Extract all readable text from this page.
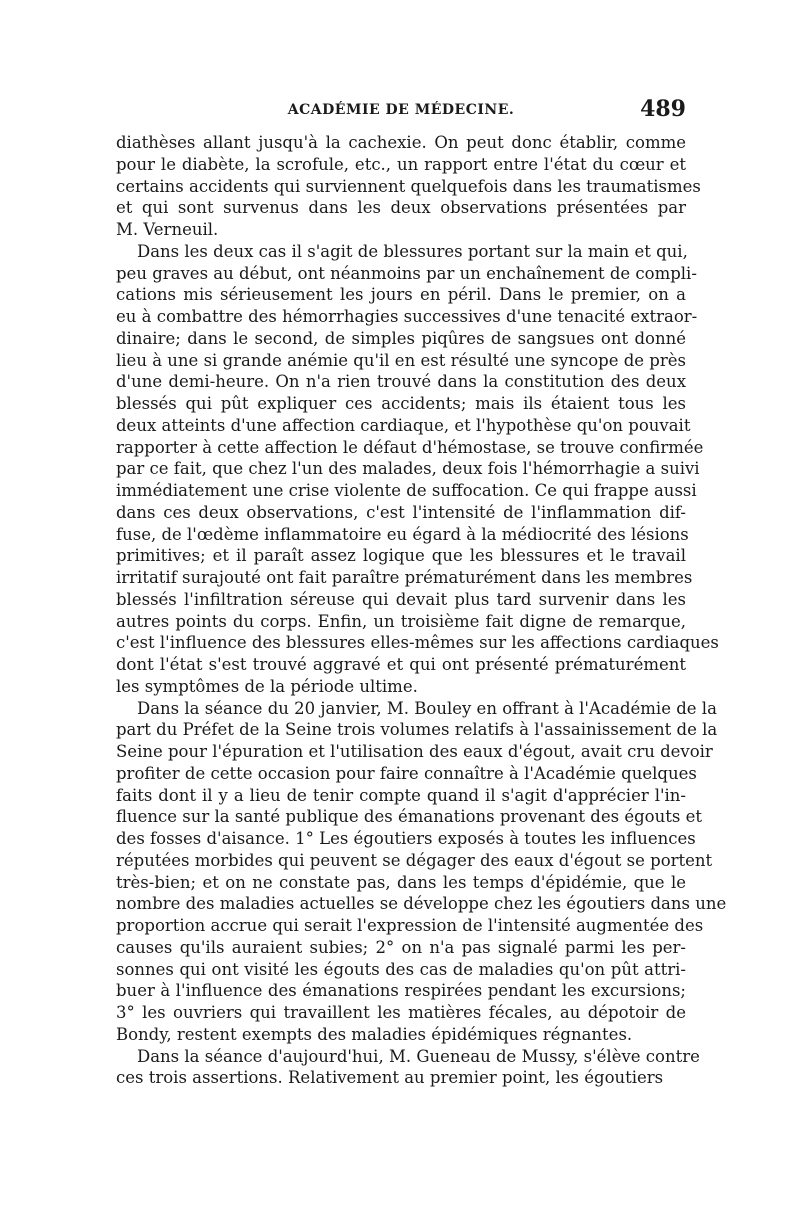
ACADÉMIE DE MÉDECINE.	489

diathèses allant jusqu'à la cachexie. On peut donc établir, comme
pour le diabète, la scrofule, etc., un rapport entre l'état du cœur et
certains accidents qui surviennent quelquefois dans les traumatismes
et qui sont survenus dans les deux observations présentées par
M. Verneuil.

Dans les deux cas il s'agit de blessures portant sur la main et qui,
peu graves au début, ont néanmoins par un enchaînement de compli-
cations mis sérieusement les jours en péril. Dans le premier, on a
eu à combattre des hémorrhagies successives d'une tenacité extraor-
dinaire; dans le second, de simples piqûres de sangsues ont donné
lieu à une si grande anémie qu'il en est résulté une syncope de près
d'une demi-heure. On n'a rien trouvé dans la constitution des deux
blessés qui pût expliquer ces accidents; mais ils étaient tous les
deux atteints d'une affection cardiaque, et l'hypothèse qu'on pouvait
rapporter à cette affection le défaut d'hémostase, se trouve confirmée
par ce fait, que chez l'un des malades, deux fois l'hémorrhagie a suivi
immédiatement une crise violente de suffocation. Ce qui frappe aussi
dans ces deux observations, c'est l'intensité de l'inflammation dif-
fuse, de l'œdème inflammatoire eu égard à la médiocrité des lésions
primitives; et il paraît assez logique que les blessures et le travail
irritatif surajouté ont fait paraître prématurément dans les membres
blessés l'infiltration séreuse qui devait plus tard survenir dans les
autres points du corps. Enfin, un troisième fait digne de remarque,
c'est l'influence des blessures elles-mêmes sur les affections cardiaques
dont l'état s'est trouvé aggravé et qui ont présenté prématurément
les symptômes de la période ultime.

Dans la séance du 20 janvier, M. Bouley en offrant à l'Académie de la
part du Préfet de la Seine trois volumes relatifs à l'assainissement de la
Seine pour l'épuration et l'utilisation des eaux d'égout, avait cru devoir
profiter de cette occasion pour faire connaître à l'Académie quelques
faits dont il y a lieu de tenir compte quand il s'agit d'apprécier l'in-
fluence sur la santé publique des émanations provenant des égouts et
des fosses d'aisance. 1° Les égoutiers exposés à toutes les influences
réputées morbides qui peuvent se dégager des eaux d'égout se portent
très-bien; et on ne constate pas, dans les temps d'épidémie, que le
nombre des maladies actuelles se développe chez les égoutiers dans une
proportion accrue qui serait l'expression de l'intensité augmentée des
causes qu'ils auraient subies; 2° on n'a pas signalé parmi les per-
sonnes qui ont visité les égouts des cas de maladies qu'on pût attri-
buer à l'influence des émanations respirées pendant les excursions;
3° les ouvriers qui travaillent les matières fécales, au dépotoir de
Bondy, restent exempts des maladies épidémiques régnantes.

Dans la séance d'aujourd'hui, M. Gueneau de Mussy, s'élève contre
ces trois assertions. Relativement au premier point, les égoutiers
